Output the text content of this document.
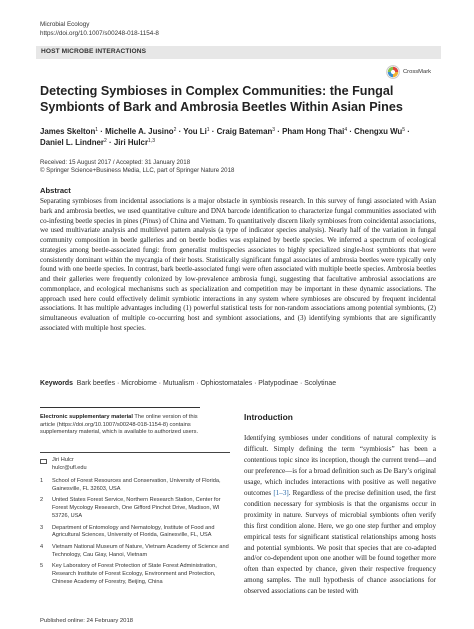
Microbial Ecology
https://doi.org/10.1007/s00248-018-1154-8
HOST MICROBE INTERACTIONS
CrossMark
Detecting Symbioses in Complex Communities: the Fungal Symbionts of Bark and Ambrosia Beetles Within Asian Pines
James Skelton$^1$ · Michelle A. Jusino$^2$ · You $Li^1$ · Craig Bateman$^3$ · Pham Hong Thai$^4$ · Chengxu $Wu^5$ · Daniel L. Lindner$^2$ · Jiri Hulcr$^{1,3}$
Received: 15 August 2017 / Accepted: 31 January 2018
© Springer Science+Business Media, LLC, part of Springer Nature 2018
Abstract
Separating symbioses from incidental associations is a major obstacle in symbiosis research. In this survey of fungi associated with Asian bark and ambrosia beetles, we used quantitative culture and DNA barcode identification to characterize fungal communities associated with co-infesting beetle species in pines (Pinus) of China and Vietnam. To quantitatively discern likely symbioses from coincidental associations, we used multivariate analysis and multilevel pattern analysis (a type of indicator species analysis). Nearly half of the variation in fungal community composition in beetle galleries and on beetle bodies was explained by beetle species. We inferred a spectrum of ecological strategies among beetle-associated fungi: from generalist multispecies associates to highly specialized single-host symbionts that were consistently dominant within the mycangia of their hosts. Statistically significant fungal associates of ambrosia beetles were typically only found with one beetle species. In contrast, bark beetle-associated fungi were often associated with multiple beetle species. Ambrosia beetles and their galleries were frequently colonized by low-prevalence ambrosia fungi, suggesting that facultative ambrosial associations are commonplace, and ecological mechanisms such as specialization and competition may be important in these dynamic associations. The approach used here could effectively delimit symbiotic interactions in any system where symbioses are obscured by frequent incidental associations. It has multiple advantages including (1) powerful statistical tests for non-random associations among potential symbionts, (2) simultaneous evaluation of multiple co-occurring host and symbiont associations, and (3) identifying symbionts that are significantly associated with multiple host species.
Keywords Bark beetles · Microbiome · Mutualism · Ophiostomatales · Platypodinae · Scolytinae
Electronic supplementary material The online version of this article (https://doi.org/10.1007/s00248-018-1154-8) contains supplementary material, which is available to authorized users.
Jiri Hulcr
hulcr@ufl.edu
1 School of Forest Resources and Conservation, University of Florida, Gainesville, FL 32603, USA
2 United States Forest Service, Northern Research Station, Center for Forest Mycology Research, One Gifford Pinchot Drive, Madison, WI 53726, USA
3 Department of Entomology and Nematology, Institute of Food and Agricultural Sciences, University of Florida, Gainesville, FL, USA
4 Vietnam National Museum of Nature, Vietnam Academy of Science and Technology, Cau Giay, Hanoi, Vietnam
5 Key Laboratory of Forest Protection of State Forest Administration, Research Institute of Forest Ecology, Environment and Protection, Chinese Academy of Forestry, Beijing, China
Introduction
Identifying symbioses under conditions of natural complexity is difficult. Simply defining the term “symbiosis” has been a contentious topic since its inception, though the current trend—and our preference—is for a broad definition such as De Bary’s original usage, which includes interactions with positive as well negative outcomes [1–3]. Regardless of the precise definition used, the first condition necessary for symbiosis is that the organisms occur in proximity in nature. Surveys of microbial symbionts often verify this first condition alone. Here, we go one step further and employ empirical tests for significant statistical relationships among hosts and potential symbionts. We posit that species that are co-adapted and/or co-dependent upon one another will be found together more often than expected by chance, given their respective frequency among samples. The null hypothesis of chance associations for observed associations can be tested with
Published online: 24 February 2018
